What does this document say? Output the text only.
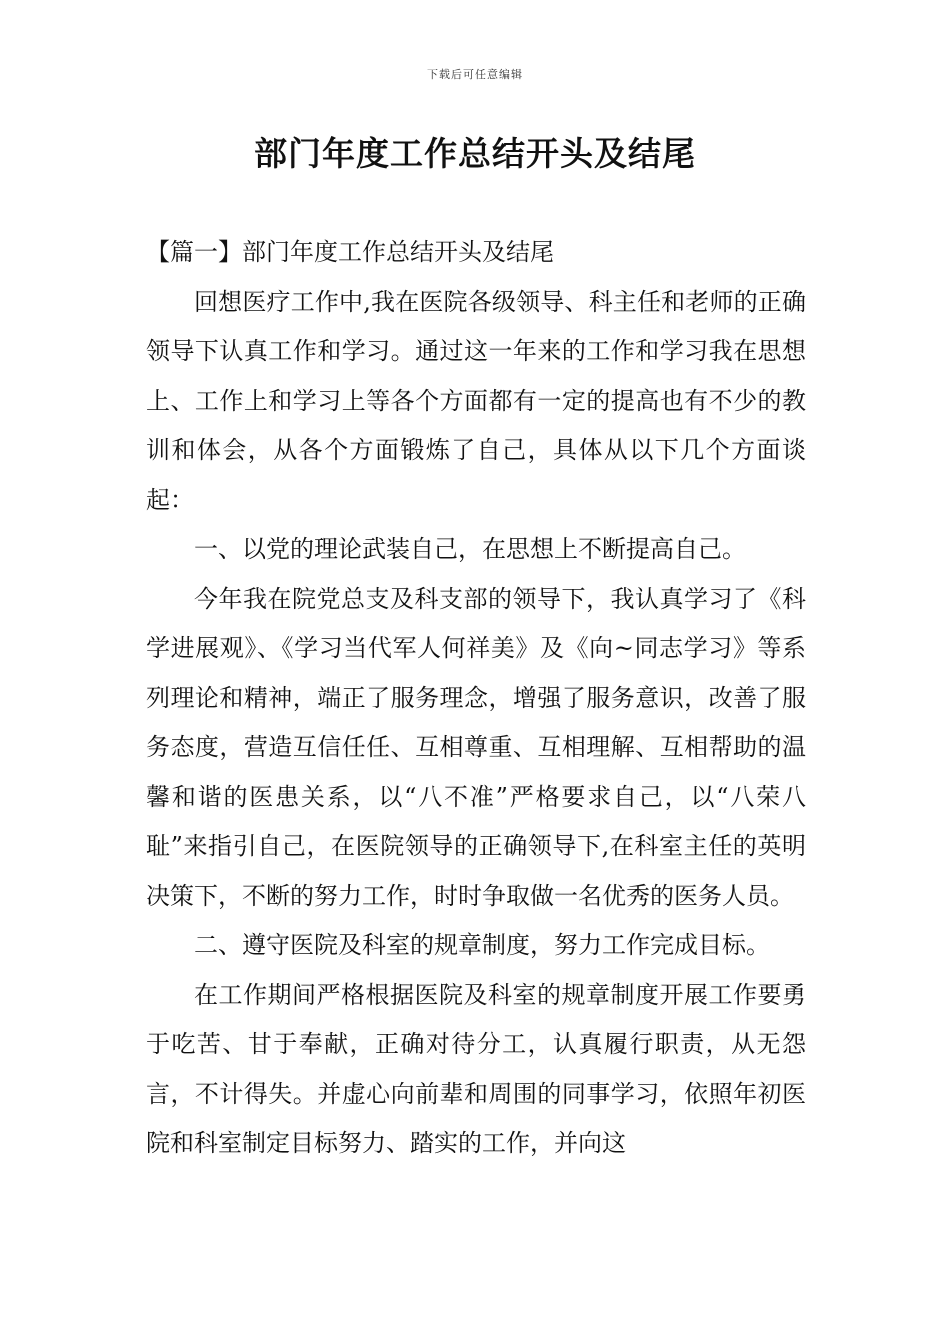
下载后可任意编辑
部门年度工作总结开头及结尾

【篇一】部门年度工作总结开头及结尾

回想医疗工作中,我在医院各级领导、科主任和老师的正确领导下认真工作和学习。通过这一年来的工作和学习我在思想上、工作上和学习上等各个方面都有一定的提高也有不少的教训和体会，从各个方面锻炼了自己，具体从以下几个方面谈起：

一、以党的理论武装自己，在思想上不断提高自己。

今年我在院党总支及科支部的领导下，我认真学习了《科学进展观》、《学习当代军人何祥美》及《向~同志学习》等系列理论和精神，端正了服务理念，增强了服务意识，改善了服务态度，营造互信任任、互相尊重、互相理解、互相帮助的温馨和谐的医患关系，以“八不准”严格要求自己，以“八荣八耻”来指引自己，在医院领导的正确领导下,在科室主任的英明决策下，不断的努力工作，时时争取做一名优秀的医务人员。

二、遵守医院及科室的规章制度，努力工作完成目标。

在工作期间严格根据医院及科室的规章制度开展工作要勇于吃苦、甘于奉献，正确对待分工，认真履行职责，从无怨言，不计得失。并虚心向前辈和周围的同事学习，依照年初医院和科室制定目标努力、踏实的工作，并向这
